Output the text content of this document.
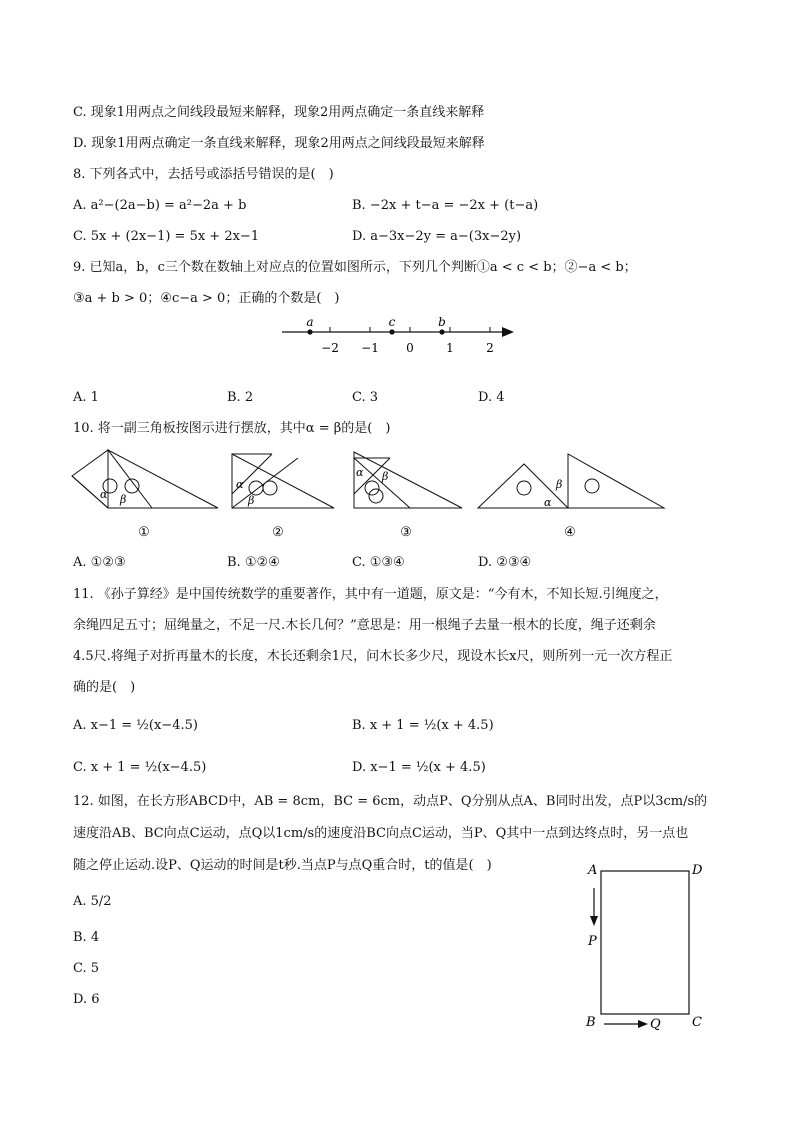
C. 现象1用两点之间线段最短来解释，现象2用两点确定一条直线来解释
D. 现象1用两点确定一条直线来解释，现象2用两点之间线段最短来解释
8. 下列各式中，去括号或添括号错误的是(　)
A. a²−(2a−b) = a²−2a + b	B. −2x + t−a = −2x + (t−a)
C. 5x + (2x−1) = 5x + 2x−1	D. a−3x−2y = a−(3x−2y)
9. 已知a，b，c三个数在数轴上对应点的位置如图所示，下列几个判断①a < c < b；②−a < b；
③a + b > 0；④c−a > 0；正确的个数是(　)
−2 −1 0	1	2
a	c	b
A. 1	B. 2	C. 3	D. 4
10. 将一副三角板按图示进行摆放，其中α = β的是(　)
α β
①
α
β
②
α β
③
α
β
④
A. ①②③	B. ①②④	C. ①③④	D. ②③④
11. 《孙子算经》是中国传统数学的重要著作，其中有一道题，原文是：“今有木，不知长短.引绳度之，
余绳四足五寸；屈绳量之，不足一尺.木长几何？”意思是：用一根绳子去量一根木的长度，绳子还剩余
4.5尺.将绳子对折再量木的长度，木长还剩余1尺，问木长多少尺，现设木长x尺，则所列一元一次方程正
确的是(　)
A. x−1 = ½(x−4.5)	B. x + 1 = ½(x + 4.5)
C. x + 1 = ½(x−4.5)	D. x−1 = ½(x + 4.5)
12. 如图，在长方形ABCD中，AB = 8cm，BC = 6cm，动点P、Q分别从点A、B同时出发，点P以3cm/s的
速度沿AB、BC向点C运动，点Q以1cm/s的速度沿BC向点C运动，当P、Q其中一点到达终点时，另一点也
随之停止运动.设P、Q运动的时间是t秒.当点P与点Q重合时，t的值是(　)
A. 5/2
B. 4
C. 5
D. 6
A	D
B	C
P
Q
